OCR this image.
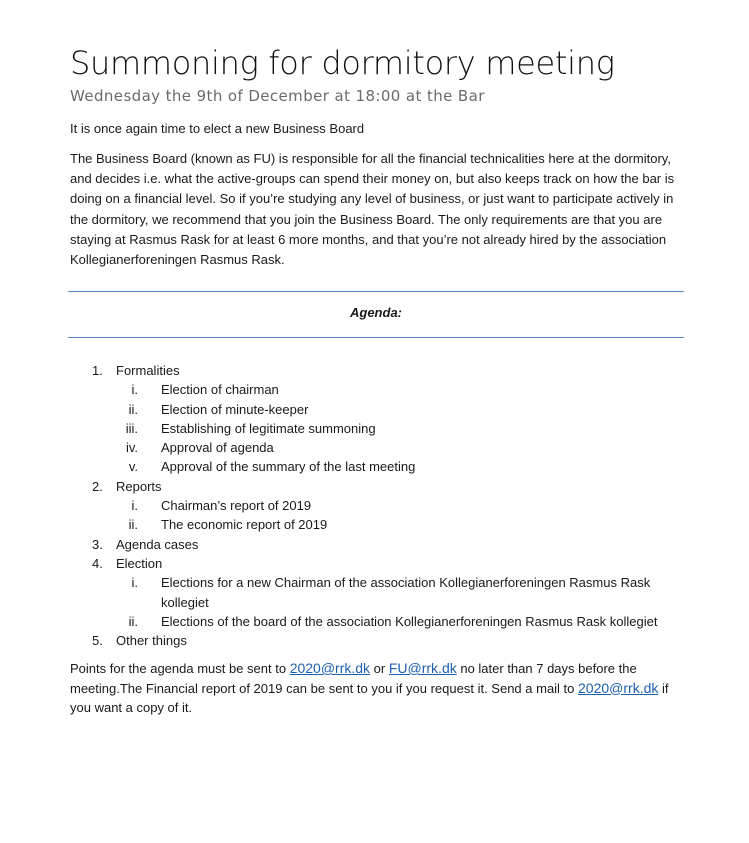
Summoning for dormitory meeting
Wednesday the 9th of December at 18:00 at the Bar

It is once again time to elect a new Business Board

The Business Board (known as FU) is responsible for all the financial technicalities here at the dormitory, and decides i.e. what the active-groups can spend their money on, but also keeps track on how the bar is doing on a financial level. So if you’re studying any level of business, or just want to participate actively in the dormitory, we recommend that you join the Business Board. The only requirements are that you are staying at Rasmus Rask for at least 6 more months, and that you’re not already hired by the association Kollegianerforeningen Rasmus Rask.

Agenda:
1. Formalities
i. Election of chairman
ii. Election of minute-keeper
iii. Establishing of legitimate summoning
iv. Approval of agenda
v. Approval of the summary of the last meeting
2. Reports
i. Chairman’s report of 2019
ii. The economic report of 2019
3. Agenda cases
4. Election
i. Elections for a new Chairman of the association Kollegianerforeningen Rasmus Rask kollegiet
ii. Elections of the board of the association Kollegianerforeningen Rasmus Rask kollegiet
5. Other things

Points for the agenda must be sent to 2020@rrk.dk or FU@rrk.dk no later than 7 days before the meeting.The Financial report of 2019 can be sent to you if you request it. Send a mail to 2020@rrk.dk if you want a copy of it.
